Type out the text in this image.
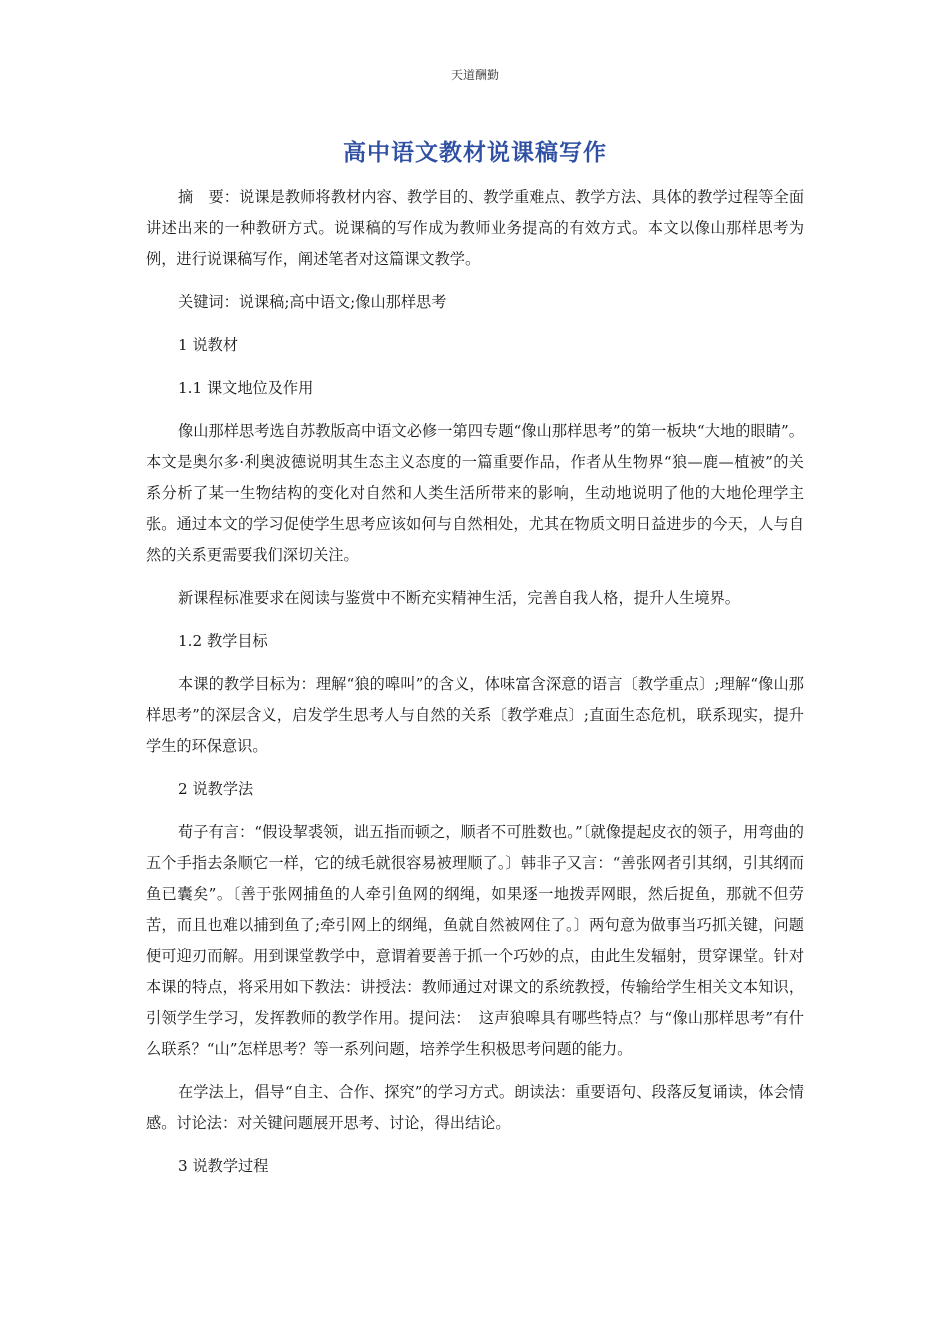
天道酬勤
高中语文教材说课稿写作

摘　要：说课是教师将教材内容、教学目的、教学重难点、教学方法、具体的教学过程等全面讲述出来的一种教研方式。说课稿的写作成为教师业务提高的有效方式。本文以像山那样思考为例，进行说课稿写作，阐述笔者对这篇课文教学。

关键词：说课稿;高中语文;像山那样思考

1 说教材

1.1 课文地位及作用

像山那样思考选自苏教版高中语文必修一第四专题“像山那样思考”的第一板块“大地的眼睛”。本文是奥尔多·利奥波德说明其生态主义态度的一篇重要作品，作者从生物界“狼—鹿—植被”的关系分析了某一生物结构的变化对自然和人类生活所带来的影响，生动地说明了他的大地伦理学主张。通过本文的学习促使学生思考应该如何与自然相处，尤其在物质文明日益进步的今天，人与自然的关系更需要我们深切关注。

新课程标准要求在阅读与鉴赏中不断充实精神生活，完善自我人格，提升人生境界。

1.2 教学目标

本课的教学目标为：理解“狼的嗥叫”的含义，体味富含深意的语言〔教学重点〕;理解“像山那样思考”的深层含义，启发学生思考人与自然的关系〔教学难点〕;直面生态危机，联系现实，提升学生的环保意识。

2 说教学法

荀子有言：“假设挈裘领，诎五指而顿之，顺者不可胜数也。”〔就像提起皮衣的领子，用弯曲的五个手指去条顺它一样，它的绒毛就很容易被理顺了。〕韩非子又言：“善张网者引其纲，引其纲而鱼已囊矣”。〔善于张网捕鱼的人牵引鱼网的纲绳，如果逐一地拨弄网眼，然后捉鱼，那就不但劳苦，而且也难以捕到鱼了;牵引网上的纲绳，鱼就自然被网住了。〕两句意为做事当巧抓关键，问题便可迎刃而解。用到课堂教学中，意谓着要善于抓一个巧妙的点，由此生发辐射，贯穿课堂。针对本课的特点，将采用如下教法：讲授法：教师通过对课文的系统教授，传输给学生相关文本知识，引领学生学习，发挥教师的教学作用。提问法：　这声狼嗥具有哪些特点？与“像山那样思考”有什么联系？“山”怎样思考？等一系列问题，培养学生积极思考问题的能力。

在学法上，倡导“自主、合作、探究”的学习方式。朗读法：重要语句、段落反复诵读，体会情感。讨论法：对关键问题展开思考、讨论，得出结论。

3 说教学过程
